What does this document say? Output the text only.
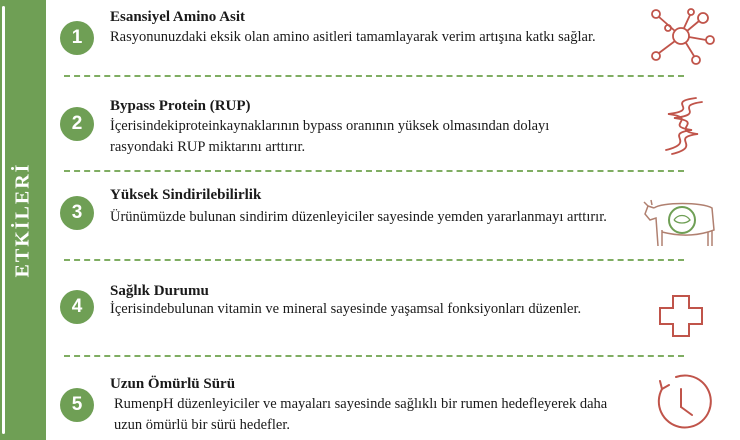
ETKİLERİ
1
Esansiyel Amino Asit
Rasyonunuzdaki eksik olan amino asitleri tamamlayarak verim artışına katkı sağlar.
2
Bypass Protein (RUP)
İçerisindekiproteinkaynaklarının bypass oranının yüksek olmasından dolayı rasyondaki RUP miktarını arttırır.
3
Yüksek Sindirilebilirlik
Ürünümüzde bulunan sindirim düzenleyiciler sayesinde yemden yararlanmayı arttırır.
4
Sağlık Durumu
İçerisindebulunan vitamin ve mineral sayesinde yaşamsal fonksiyonları düzenler.
5
Uzun Ömürlü Sürü
RumenpH düzenleyiciler ve mayaları sayesinde sağlıklı bir rumen hedefleyerek daha uzun ömürlü bir sürü hedefler.
